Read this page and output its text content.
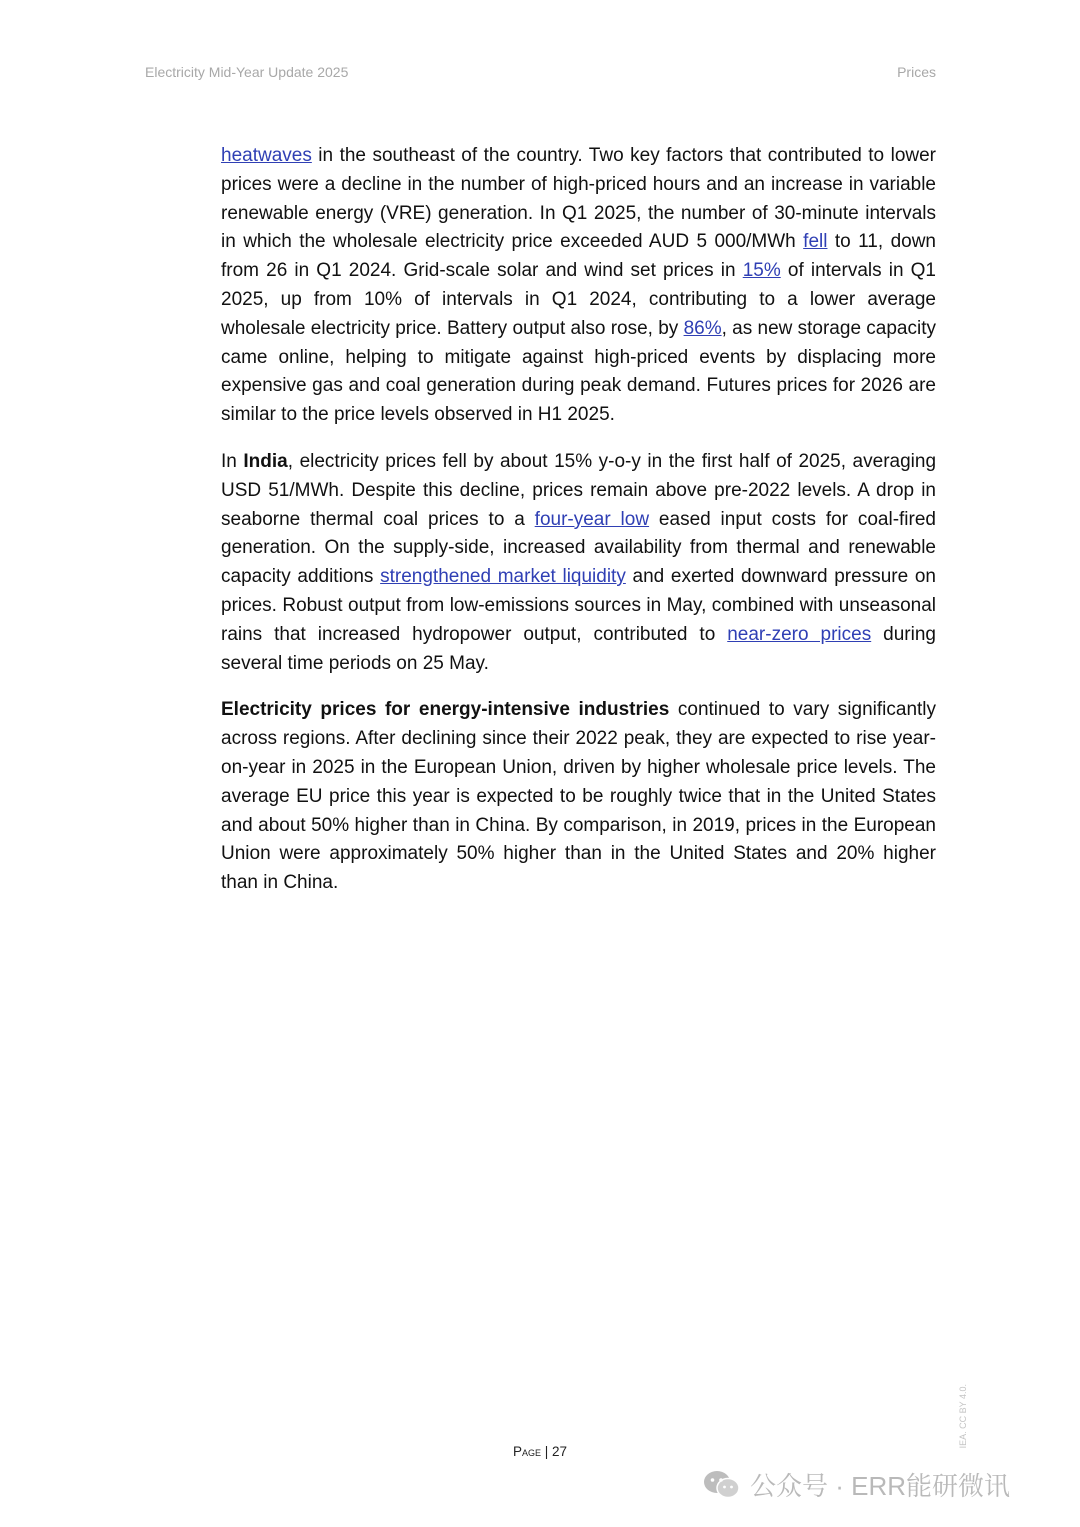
Electricity Mid-Year Update 2025	Prices

heatwaves in the southeast of the country. Two key factors that contributed to lower prices were a decline in the number of high-priced hours and an increase in variable renewable energy (VRE) generation. In Q1 2025, the number of 30-minute intervals in which the wholesale electricity price exceeded AUD 5 000/MWh fell to 11, down from 26 in Q1 2024. Grid-scale solar and wind set prices in 15% of intervals in Q1 2025, up from 10% of intervals in Q1 2024, contributing to a lower average wholesale electricity price. Battery output also rose, by 86%, as new storage capacity came online, helping to mitigate against high-priced events by displacing more expensive gas and coal generation during peak demand. Futures prices for 2026 are similar to the price levels observed in H1 2025.

In India, electricity prices fell by about 15% y-o-y in the first half of 2025, averaging USD 51/MWh. Despite this decline, prices remain above pre-2022 levels. A drop in seaborne thermal coal prices to a four-year low eased input costs for coal-fired generation. On the supply-side, increased availability from thermal and renewable capacity additions strengthened market liquidity and exerted downward pressure on prices. Robust output from low-emissions sources in May, combined with unseasonal rains that increased hydropower output, contributed to near-zero prices during several time periods on 25 May.

Electricity prices for energy-intensive industries continued to vary significantly across regions. After declining since their 2022 peak, they are expected to rise year-on-year in 2025 in the European Union, driven by higher wholesale price levels. The average EU price this year is expected to be roughly twice that in the United States and about 50% higher than in China. By comparison, in 2019, prices in the European Union were approximately 50% higher than in the United States and 20% higher than in China.

IEA. CC BY 4.0.
Page | 27
公众号 · ERR能研微讯
